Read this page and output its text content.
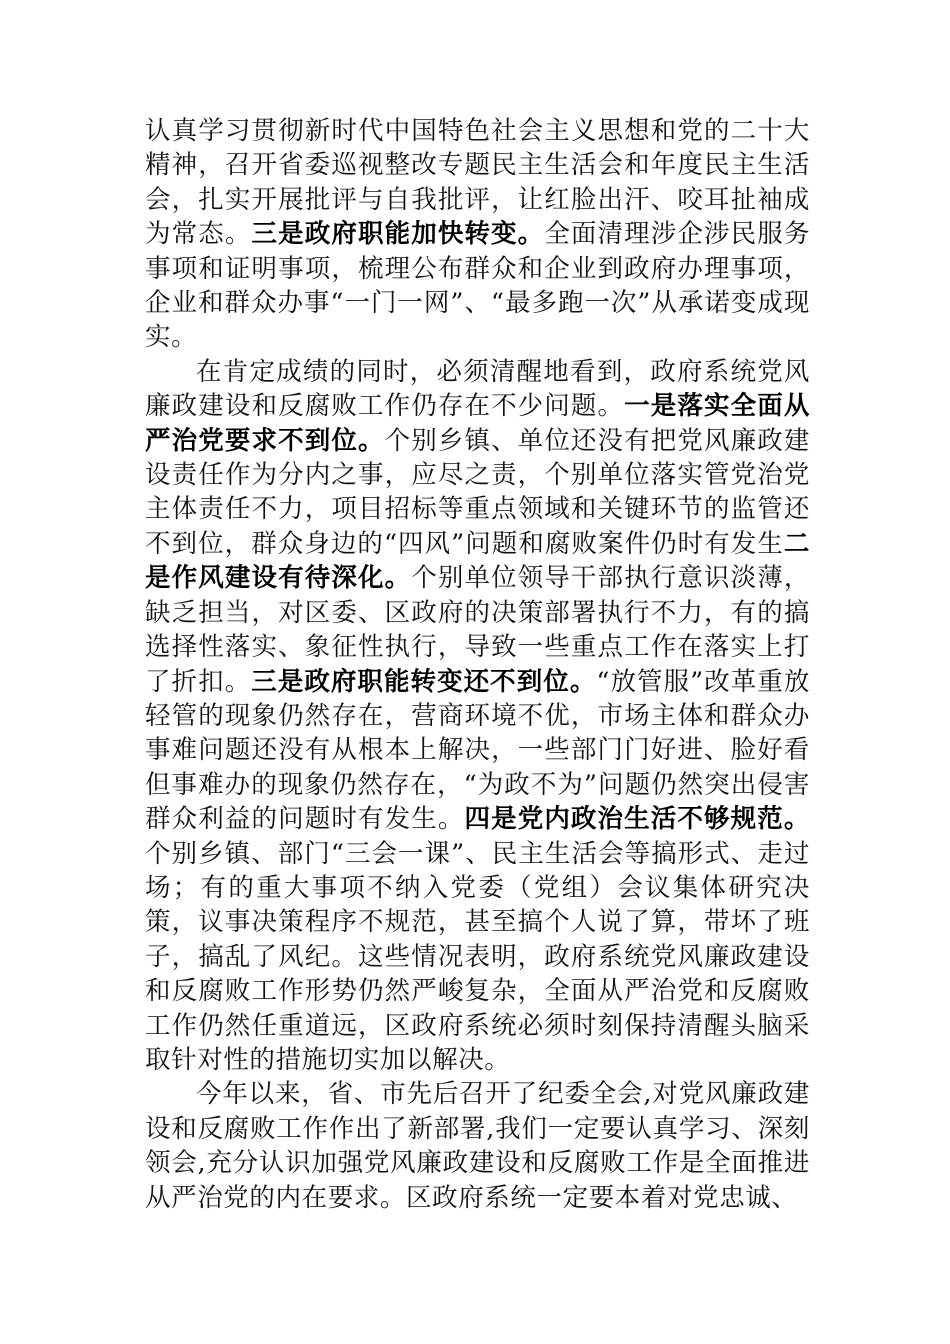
认真学习贯彻新时代中国特色社会主义思想和党的二十大精神，召开省委巡视整改专题民主生活会和年度民主生活会，扎实开展批评与自我批评，让红脸出汗、咬耳扯袖成为常态。三是政府职能加快转变。全面清理涉企涉民服务事项和证明事项，梳理公布群众和企业到政府办理事项，企业和群众办事“一门一网”、“最多跑一次”从承诺变成现实。

在肯定成绩的同时，必须清醒地看到，政府系统党风廉政建设和反腐败工作仍存在不少问题。一是落实全面从严治党要求不到位。个别乡镇、单位还没有把党风廉政建设责任作为分内之事，应尽之责，个别单位落实管党治党主体责任不力，项目招标等重点领域和关键环节的监管还不到位，群众身边的“四风”问题和腐败案件仍时有发生二是作风建设有待深化。个别单位领导干部执行意识淡薄，缺乏担当，对区委、区政府的决策部署执行不力，有的搞选择性落实、象征性执行，导致一些重点工作在落实上打了折扣。三是政府职能转变还不到位。“放管服”改革重放轻管的现象仍然存在，营商环境不优，市场主体和群众办事难问题还没有从根本上解决，一些部门门好进、脸好看但事难办的现象仍然存在，“为政不为”问题仍然突出侵害群众利益的问题时有发生。四是党内政治生活不够规范。个别乡镇、部门“三会一课”、民主生活会等搞形式、走过场；有的重大事项不纳入党委（党组）会议集体研究决策，议事决策程序不规范，甚至搞个人说了算，带坏了班子，搞乱了风纪。这些情况表明，政府系统党风廉政建设和反腐败工作形势仍然严峻复杂，全面从严治党和反腐败工作仍然任重道远，区政府系统必须时刻保持清醒头脑采取针对性的措施切实加以解决。

今年以来，省、市先后召开了纪委全会,对党风廉政建设和反腐败工作作出了新部署,我们一定要认真学习、深刻领会,充分认识加强党风廉政建设和反腐败工作是全面推进从严治党的内在要求。区政府系统一定要本着对党忠诚、
